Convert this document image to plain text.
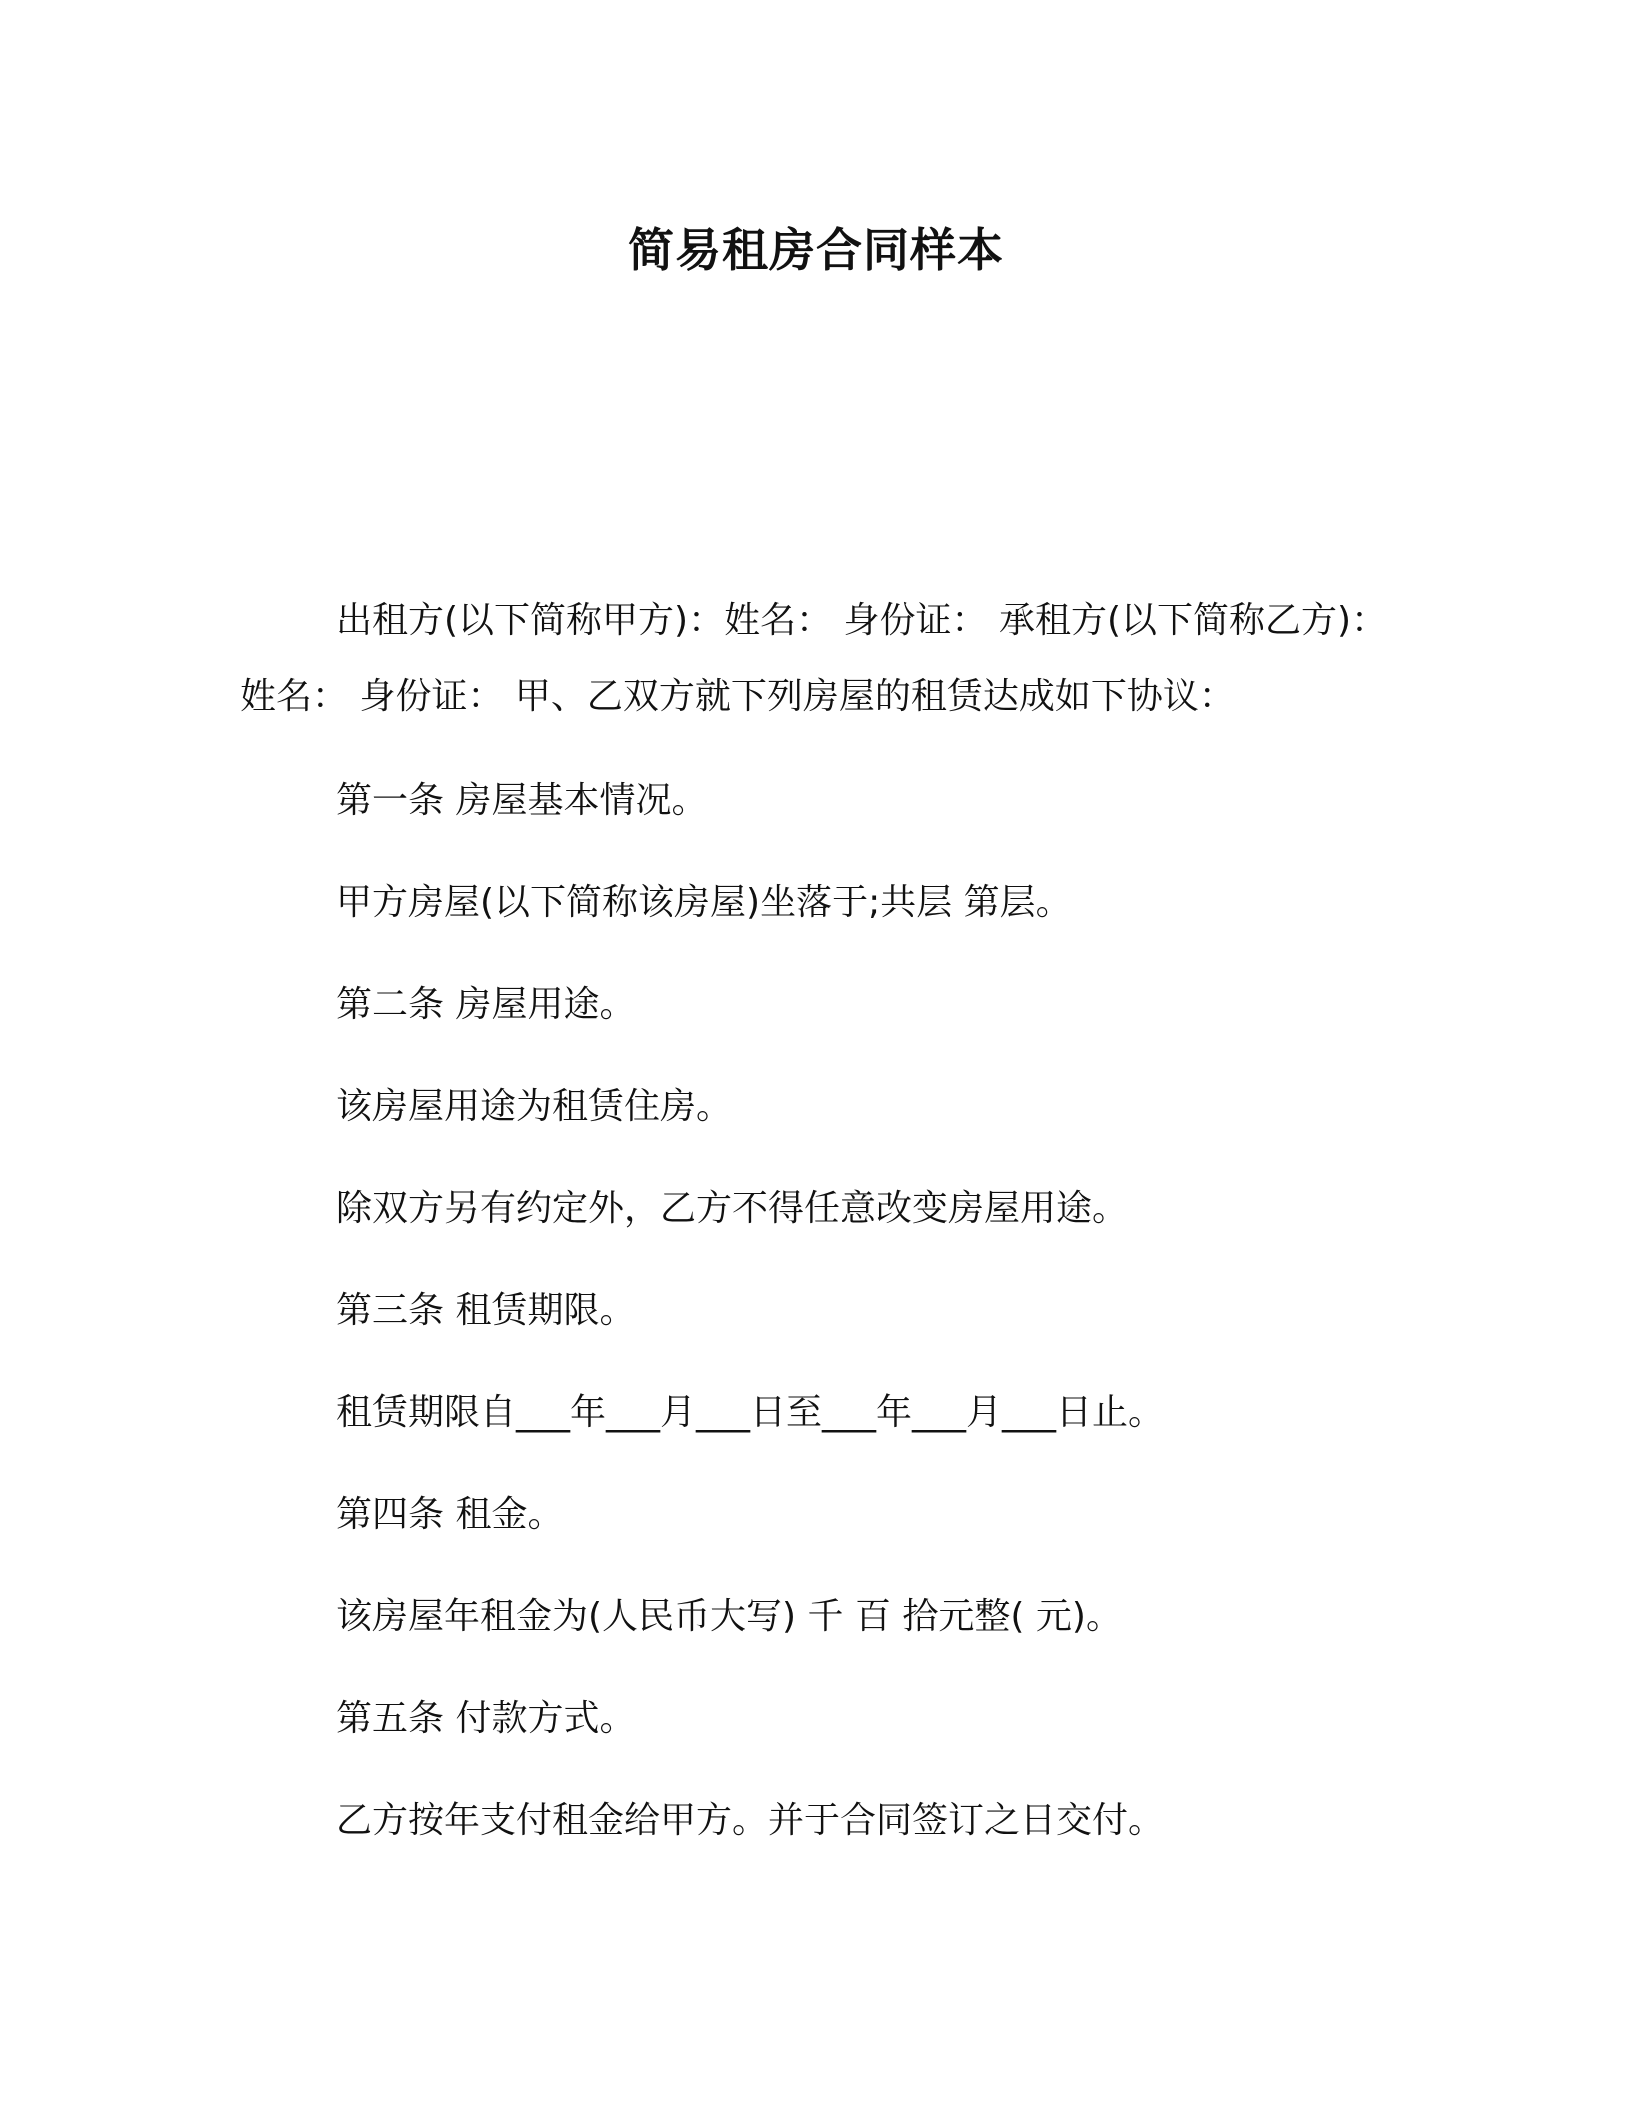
简易租房合同样本
出租方(以下简称甲方)：姓名： 身份证： 承租方(以下简称乙方)：
姓名： 身份证： 甲、乙双方就下列房屋的租赁达成如下协议：
第一条 房屋基本情况。
甲方房屋(以下简称该房屋)坐落于;共层 第层。
第二条 房屋用途。
该房屋用途为租赁住房。
除双方另有约定外，乙方不得任意改变房屋用途。
第三条 租赁期限。
租赁期限自___年___月___日至___年___月___日止。
第四条 租金。
该房屋年租金为(人民币大写) 千 百 拾元整( 元)。
第五条 付款方式。
乙方按年支付租金给甲方。并于合同签订之日交付。
